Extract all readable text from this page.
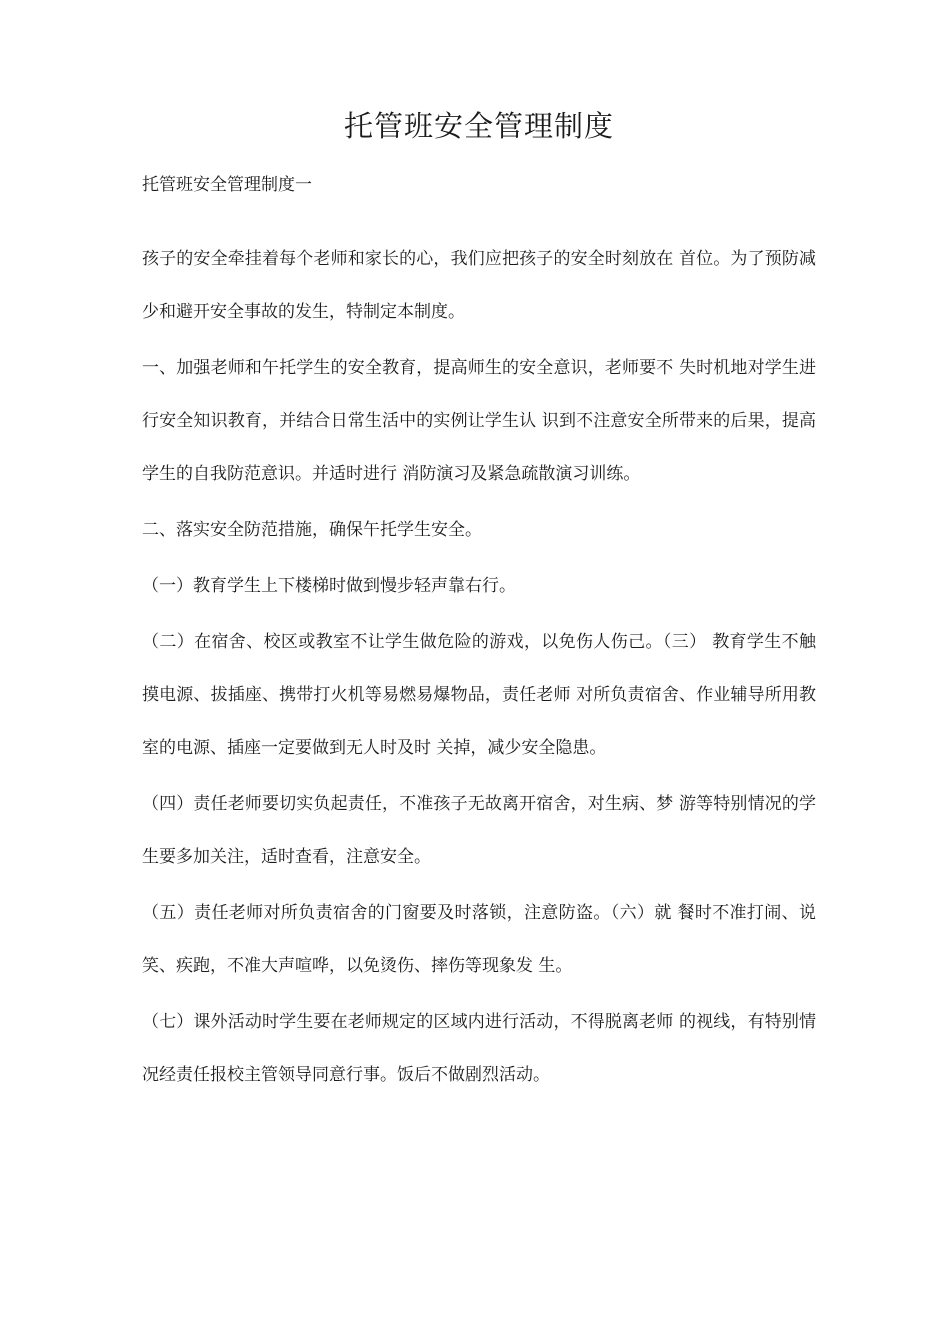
托管班安全管理制度

托管班安全管理制度一

孩子的安全牵挂着每个老师和家长的心，我们应把孩子的安全时刻放在 首位。为了预防减少和避开安全事故的发生，特制定本制度。

一、加强老师和午托学生的安全教育，提高师生的安全意识，老师要不 失时机地对学生进行安全知识教育，并结合日常生活中的实例让学生认 识到不注意安全所带来的后果，提高学生的自我防范意识。并适时进行 消防演习及紧急疏散演习训练。

二、落实安全防范措施，确保午托学生安全。

（一）教育学生上下楼梯时做到慢步轻声靠右行。

（二）在宿舍、校区或教室不让学生做危险的游戏，以免伤人伤己。（三） 教育学生不触摸电源、拔插座、携带打火机等易燃易爆物品，责任老师 对所负责宿舍、作业辅导所用教室的电源、插座一定要做到无人时及时 关掉，减少安全隐患。

（四）责任老师要切实负起责任，不准孩子无故离开宿舍，对生病、梦 游等特别情况的学生要多加关注，适时查看，注意安全。

（五）责任老师对所负责宿舍的门窗要及时落锁，注意防盗。（六）就 餐时不准打闹、说笑、疾跑，不准大声喧哗，以免烫伤、摔伤等现象发 生。

（七）课外活动时学生要在老师规定的区域内进行活动，不得脱离老师 的视线，有特别情况经责任报校主管领导同意行事。饭后不做剧烈活动。
